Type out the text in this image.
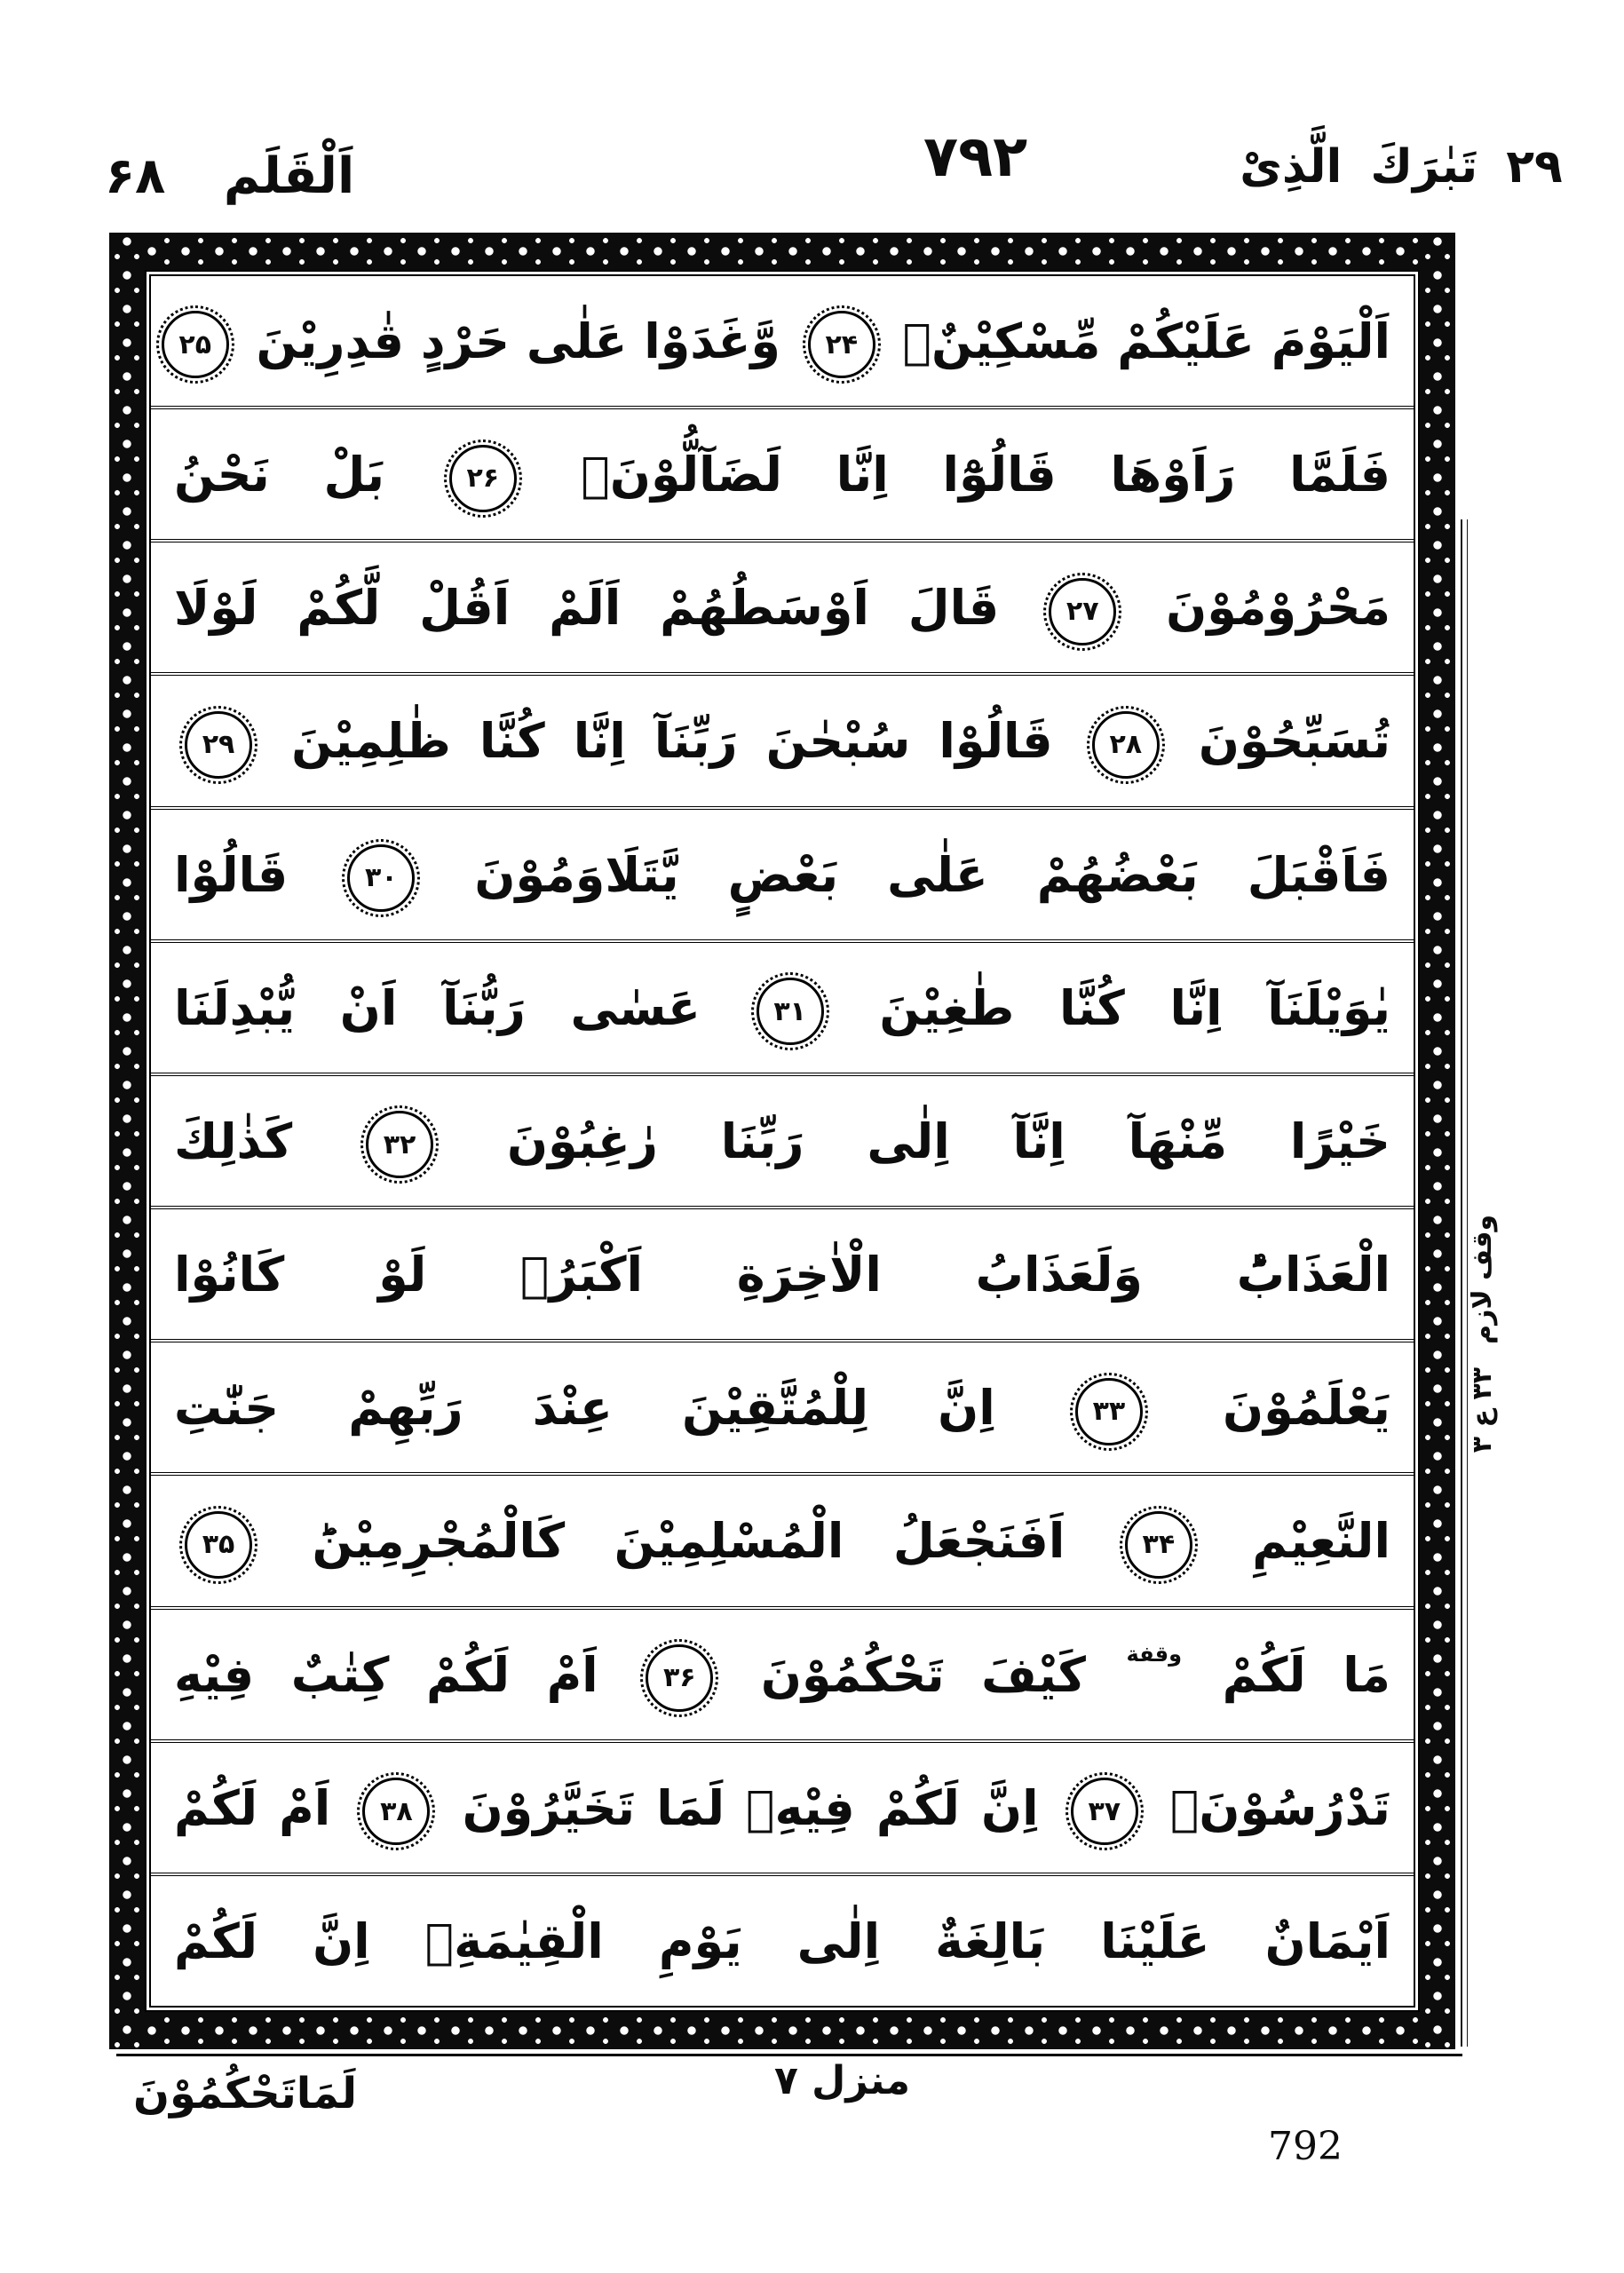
اَلْقَلَم ۶۸	۷۹۲	۲۹ تَبٰرَكَ الَّذِیْ
اَلْيَوْمَ عَلَيْكُمْ مِّسْكِيْنٌۙ
۲۴
وَّغَدَوْا عَلٰى حَرْدٍ قٰدِرِيْنَ
۲۵
فَلَمَّا رَاَوْهَا قَالُوْٓا اِنَّا لَضَآلُّوْنَۙ
۲۶
بَلْ نَحْنُ
مَحْرُوْمُوْنَ
۲۷
قَالَ اَوْسَطُهُمْ اَلَمْ اَقُلْ لَّكُمْ لَوْلَا
تُسَبِّحُوْنَ
۲۸
قَالُوْا سُبْحٰنَ رَبِّنَآ اِنَّا كُنَّا ظٰلِمِيْنَ
۲۹
فَاَقْبَلَ بَعْضُهُمْ عَلٰى بَعْضٍ يَّتَلَاوَمُوْنَ
۳۰
قَالُوْا
يٰوَيْلَنَآ اِنَّا كُنَّا طٰغِيْنَ
۳۱
عَسٰى رَبُّنَآ اَنْ يُّبْدِلَنَا
خَيْرًا مِّنْهَآ اِنَّآ اِلٰى رَبِّنَا رٰغِبُوْنَ
۳۲
كَذٰلِكَ
الْعَذَابُؕ وَلَعَذَابُ الْاٰخِرَةِ اَكْبَرُۘ لَوْ كَانُوْا
يَعْلَمُوْنَ
۳۳
اِنَّ لِلْمُتَّقِيْنَ عِنْدَ رَبِّهِمْ جَنّٰتِ
النَّعِيْمِ
۳۴
اَفَنَجْعَلُ الْمُسْلِمِيْنَ كَالْمُجْرِمِيْنَؕ
۳۵
مَا لَكُمْ وقفة كَيْفَ تَحْكُمُوْنَ
۳۶
اَمْ لَكُمْ كِتٰبٌ فِيْهِ
تَدْرُسُوْنَۙ
۳۷
اِنَّ لَكُمْ فِيْهِۚ لَمَا تَخَيَّرُوْنَ
۳۸
اَمْ لَكُمْ
اَيْمَانٌ عَلَيْنَا بَالِغَةٌ اِلٰى يَوْمِ الْقِيٰمَةِۙ اِنَّ لَكُمْ
وقف لازم۳۳ ع ۳
لَمَاتَحْكُمُوْنَ	منزل ۷
792
